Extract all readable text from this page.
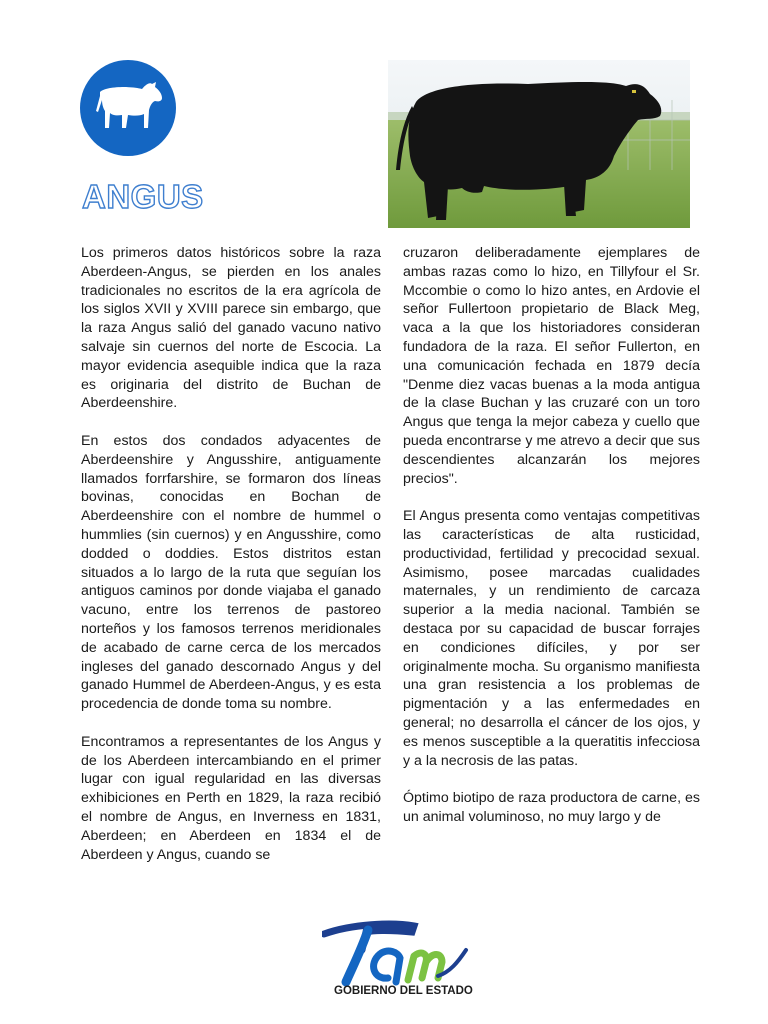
ANGUS

Los primeros datos históricos sobre la raza Aberdeen-Angus, se pierden en los anales tradicionales no escritos de la era agrícola de los siglos XVII y XVIII parece sin embargo, que la raza Angus salió del ganado vacuno nativo salvaje sin cuernos del norte de Escocia. La mayor evidencia asequible indica que la raza es originaria del distrito de Buchan de Aberdeenshire.

En estos dos condados adyacentes de Aberdeenshire y Angusshire, antiguamente llamados forrfarshire, se formaron dos líneas bovinas, conocidas en Bochan de Aberdeenshire con el nombre de hummel o hummlies (sin cuernos) y en Angusshire, como dodded o doddies. Estos distritos estan situados a lo largo de la ruta que seguían los antiguos caminos por donde viajaba el ganado vacuno, entre los terrenos de pastoreo norteños y los famosos terrenos meridionales de acabado de carne cerca de los mercados ingleses del ganado descornado Angus y del ganado Hummel de Aberdeen-Angus, y es esta procedencia de donde toma su nombre.

Encontramos a representantes de los Angus y de los Aberdeen intercambiando en el primer lugar con igual regularidad en las diversas exhibiciones en Perth en 1829, la raza recibió el nombre de Angus, en Inverness en 1831, Aberdeen; en Aberdeen en 1834 el de Aberdeen y Angus, cuando se

cruzaron deliberadamente ejemplares de ambas razas como lo hizo, en Tillyfour el Sr. Mccombie o como lo hizo antes, en Ardovie el señor Fullertoon propietario de Black Meg, vaca a la que los historiadores consideran fundadora de la raza. El señor Fullerton, en una comunicación fechada en 1879 decía "Denme diez vacas buenas a la moda antigua de la clase Buchan y las cruzaré con un toro Angus que tenga la mejor cabeza y cuello que pueda encontrarse y me atrevo a decir que sus descendientes alcanzarán los mejores precios".

El Angus presenta como ventajas competitivas las características de alta rusticidad, productividad, fertilidad y precocidad sexual. Asimismo, posee marcadas cualidades maternales, y un rendimiento de carcaza superior a la media nacional. También se destaca por su capacidad de buscar forrajes en condiciones difíciles, y por ser originalmente mocha. Su organismo manifiesta una gran resistencia a los problemas de pigmentación y a las enfermedades en general; no desarrolla el cáncer de los ojos, y es menos susceptible a la queratitis infecciosa y a la necrosis de las patas.

Óptimo biotipo de raza productora de carne, es un animal voluminoso, no muy largo y de

GOBIERNO DEL ESTADO
